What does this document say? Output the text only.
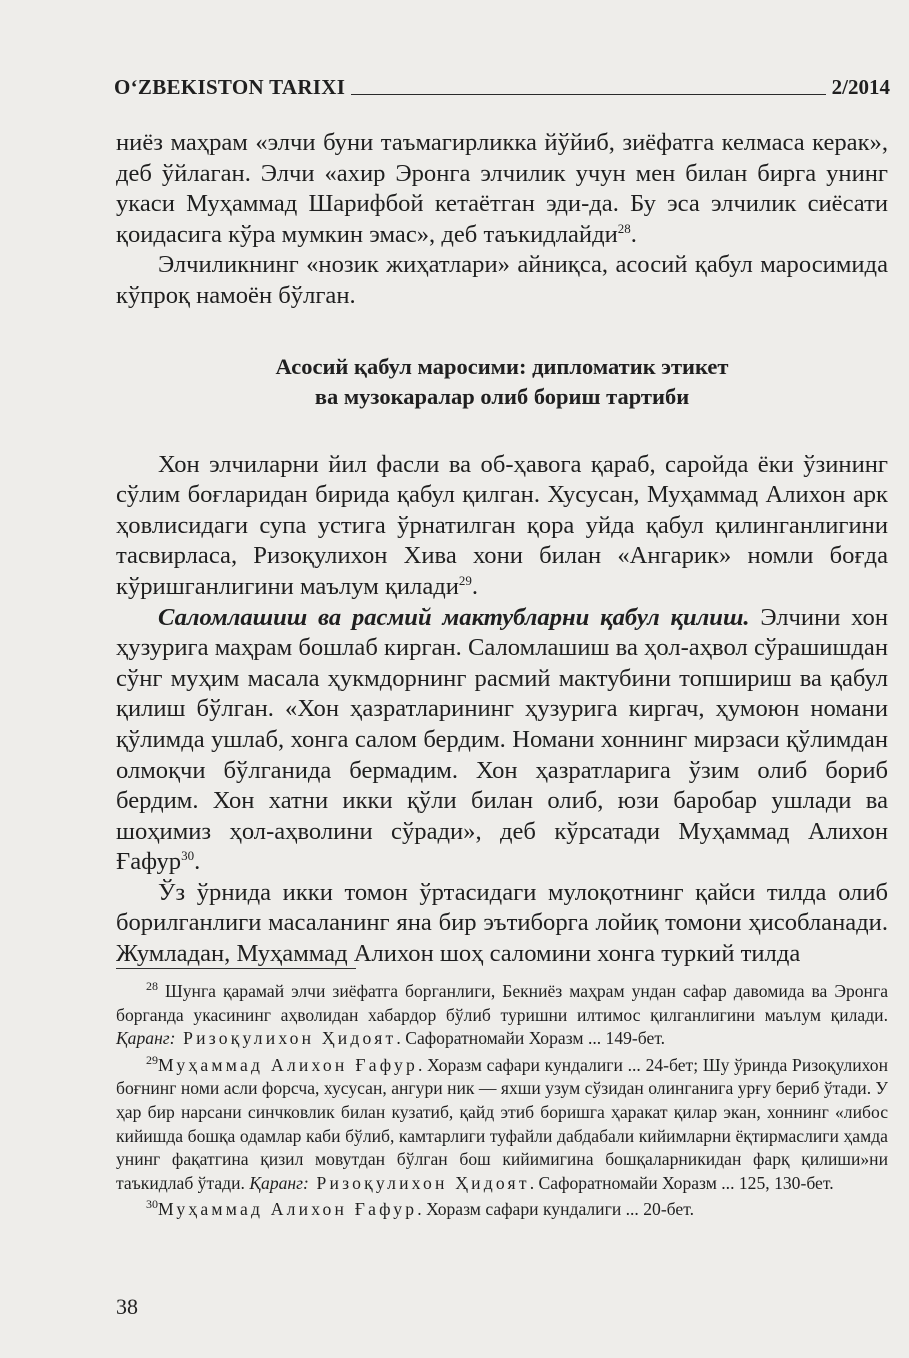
O‘ZBEKISTON TARIXI	2/2014

ниёз маҳрам «элчи буни таъмагирликка йўйиб, зиёфатга келмаса керак», деб ўйлаган. Элчи «ахир Эронга элчилик учун мен билан бирга унинг укаси Муҳаммад Шарифбой кетаётган эди-да. Бу эса элчилик сиёсати қоидасига кўра мумкин эмас», деб таъкидлайди$^{28}$.

Элчиликнинг «нозик жиҳатлари» айниқса, асосий қабул маросимида кўпроқ намоён бўлган.

Асосий қабул маросими: дипломатик этикет
ва музокаралар олиб бориш тартиби

Хон элчиларни йил фасли ва об-ҳавога қараб, саройда ёки ўзининг сўлим боғларидан бирида қабул қилган. Хусусан, Муҳаммад Алихон арк ҳовлисидаги супа устига ўрнатилган қора уйда қабул қилинганлигини тасвирласа, Ризоқулихон Хива хони билан «Ангарик» номли боғда кўришганлигини маълум қилади$^{29}$.

Саломлашиш ва расмий мактубларни қабул қилиш. Элчини хон ҳузурига маҳрам бошлаб кирган. Саломлашиш ва ҳол-аҳвол сўрашишдан сўнг муҳим масала ҳукмдорнинг расмий мактубини топшириш ва қабул қилиш бўлган. «Хон ҳазратларининг ҳузурига киргач, ҳумоюн номани қўлимда ушлаб, хонга салом бердим. Номани хоннинг мирзаси қўлимдан олмоқчи бўлганида бермадим. Хон ҳазратларига ўзим олиб бориб бердим. Хон хатни икки қўли билан олиб, юзи баробар ушлади ва шоҳимиз ҳол-аҳволини сўради», деб кўрсатади Муҳаммад Алихон Ғафур$^{30}$.

Ўз ўрнида икки томон ўртасидаги мулоқотнинг қайси тилда олиб борилганлиги масаланинг яна бир эътиборга лойиқ томони ҳисобланади. Жумладан, Муҳаммад Алихон шоҳ саломини хонга туркий тилда

$^{28}$ Шунга қарамай элчи зиёфатга борганлиги, Бекниёз маҳрам ундан сафар давомида ва Эронга борганда укасининг аҳволидан хабардор бўлиб туришни илтимос қилганлигини маълум қилади. Қаранг: Ризоқулихон Ҳидоят. Сафоратномайи Хоразм ... 149-бет.

$^{29}$Муҳаммад Алихон Ғафур. Хоразм сафари кундалиги ... 24-бет; Шу ўринда Ризоқулихон боғнинг номи асли форсча, хусусан, ангури ник — яхши узум сўзидан олинганига урғу бериб ўтади. У ҳар бир нарсани синчковлик билан кузатиб, қайд этиб боришга ҳаракат қилар экан, хоннинг «либос кийишда бошқа одамлар каби бўлиб, камтарлиги туфайли дабдабали кийимларни ёқтирмаслиги ҳамда унинг фақатгина қизил мовутдан бўлган бош кийимигина бошқаларникидан фарқ қилиши»ни таъкидлаб ўтади. Қаранг: Ризоқулихон Ҳидоят. Сафоратномайи Хоразм ... 125, 130-бет.

$^{30}$Муҳаммад Алихон Ғафур. Хоразм сафари кундалиги ... 20-бет.

38
